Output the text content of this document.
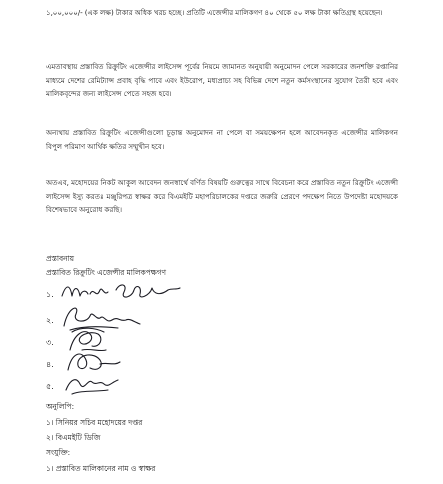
১,০০,০০০/- (এক লক্ষ) টাকার অধিক খরচ হচ্ছে। প্রতিটি এজেন্সীর মালিকগণ ৪০ থেকে ৫০ লক্ষ টাকা ক্ষতিগ্রস্থ হয়েছেন।
এমতাবস্থায় প্রস্তাবিত রিক্রুটিং এজেন্সীর লাইসেন্স পূর্বের নিয়মে জামানত অনুযায়ী অনুমোদন পেলে সরকারের জনশক্তি রপ্তানির মাধ্যমে দেশের রেমিট্যান্স প্রবাহ বৃদ্ধি পাবে এবং ইউরোপ, মধ্যপ্রাচ্য সহ বিভিন্ন দেশে নতুন কর্মসংস্থানের সুযোগ তৈরী হবে এবং মালিকবৃন্দের জন্য লাইসেন্স পেতে সহজ হবে।
অন্যথায় প্রস্তাবিত রিক্রুটিং এজেন্সীগুলো চূড়ান্ত অনুমোদন না পেলে বা সময়ক্ষেপন হলে আবেদনকৃত এজেন্সীর মালিকগন বিপুল পরিমাণ আর্থিক ক্ষতির সম্মুখীন হবে।
অতএব, মহোদয়ের নিকট আকুল আবেদন জনস্বার্থে বর্ণিত বিষয়টি গুরুত্বের সাথে বিবেচনা করে প্রস্তাবিত নতুন রিক্রুটিং এজেন্সী লাইসেন্স ইস্যু করতঃ মঞ্জুরিপত্র স্বাক্ষর করে বিএমইটি মহাপরিচালকের দপ্তরে জরুরি প্রেরণে পদক্ষেপ নিতে উপদেষ্টা মহোদয়কে বিশেষভাবে অনুরোধ করছি।
প্রস্তাবনায়
প্রস্তাবিত রিক্রুটিং এজেন্সীর মালিকপক্ষগণ
১.
২.
৩.
৪.
৫.
অনুলিপি:
১। সিনিয়র সচিব মহোদয়ের দপ্তর
২। বিএমইটি ডিজি
সংযুক্তি:
১। প্রস্তাবিত মালিকানের নাম ও স্বাক্ষর
